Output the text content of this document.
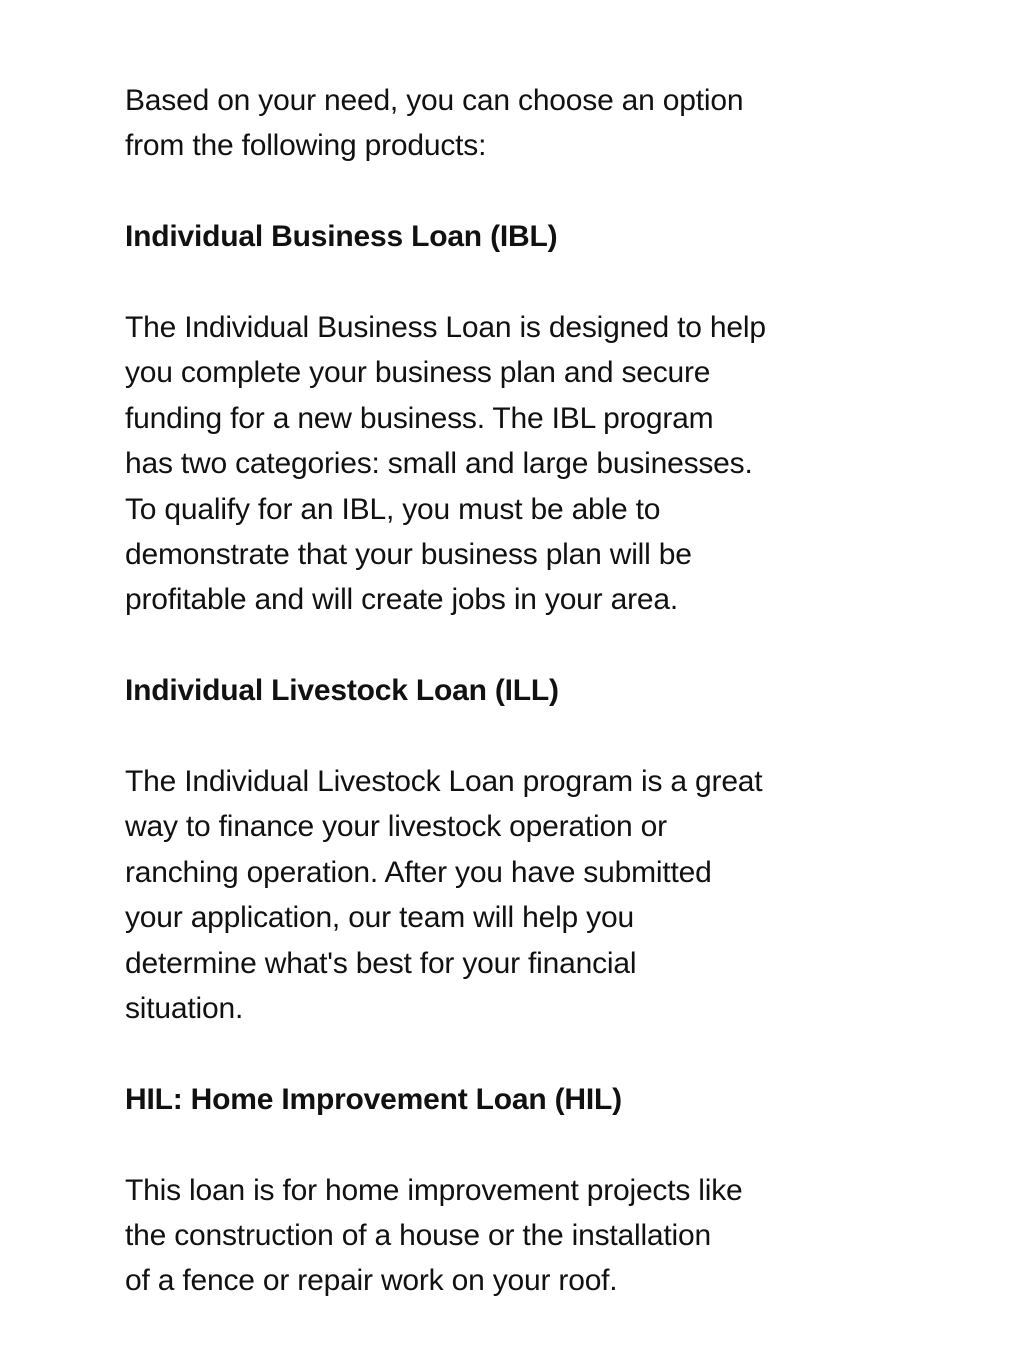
Based on your need, you can choose an option
from the following products:

Individual Business Loan (IBL)

The Individual Business Loan is designed to help
you complete your business plan and secure
funding for a new business. The IBL program
has two categories: small and large businesses.
To qualify for an IBL, you must be able to
demonstrate that your business plan will be
profitable and will create jobs in your area.

Individual Livestock Loan (ILL)

The Individual Livestock Loan program is a great
way to finance your livestock operation or
ranching operation. After you have submitted
your application, our team will help you
determine what's best for your financial
situation.

HIL: Home Improvement Loan (HIL)

This loan is for home improvement projects like
the construction of a house or the installation
of a fence or repair work on your roof.
